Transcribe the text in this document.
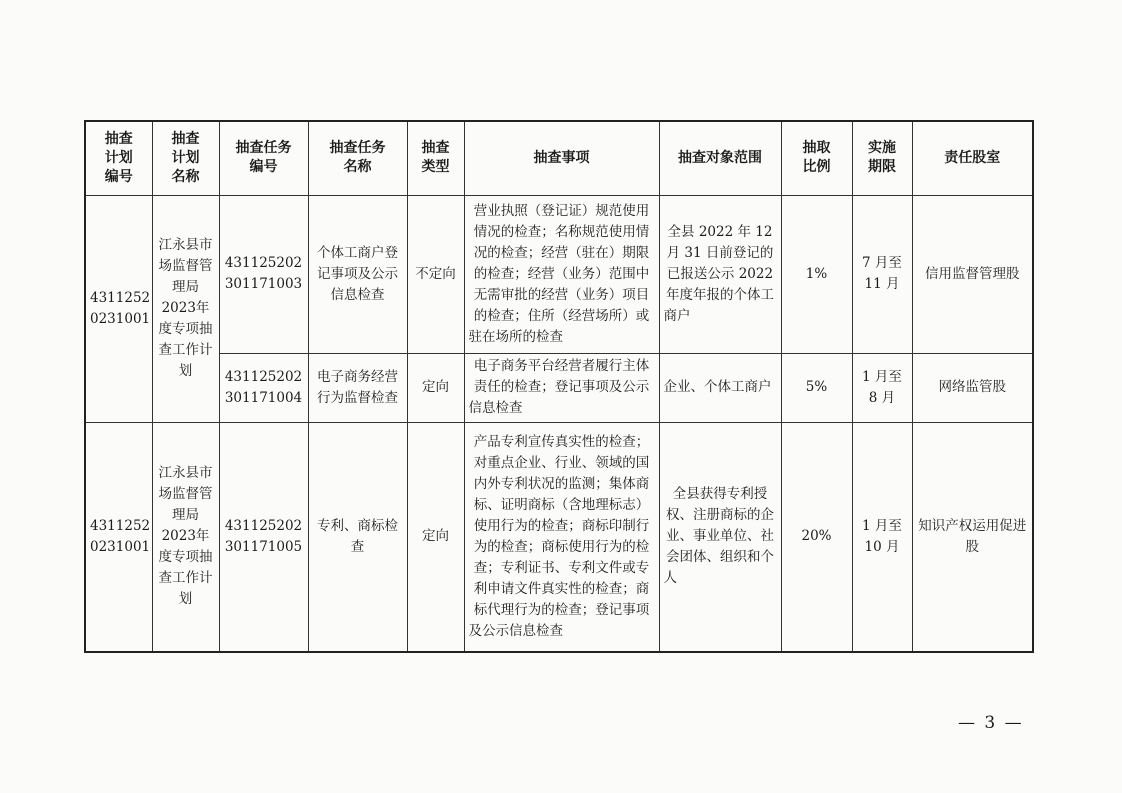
抽查
计划
编号	抽查
计划
名称	抽查任务
编号	抽查任务
名称	抽查
类型	抽查事项	抽查对象范围	抽取
比例	实施
期限	责任股室

4311252
0231001	江永县市场监督管理局2023年度专项抽查工作计划	431125202
301171003	个体工商户登记事项及公示信息检查	不定向	营业执照（登记证）规范使用情况的检查；名称规范使用情况的检查；经营（驻在）期限的检查；经营（业务）范围中无需审批的经营（业务）项目的检查；住所（经营场所）或驻在场所的检查	全县 2022 年 12 月 31 日前登记的已报送公示 2022 年度年报的个体工商户	1%	7 月至
11 月	信用监督管理股
		431125202
301171004	电子商务经营行为监督检查	定向	电子商务平台经营者履行主体责任的检查；登记事项及公示信息检查	企业、个体工商户	5%	1 月至
8 月	网络监管股
4311252
0231001	江永县市场监督管理局2023年度专项抽查工作计划	431125202
301171005	专利、商标检查	定向	产品专利宣传真实性的检查；对重点企业、行业、领域的国内外专利状况的监测；集体商标、证明商标（含地理标志）使用行为的检查；商标印制行为的检查；商标使用行为的检查；专利证书、专利文件或专利申请文件真实性的检查；商标代理行为的检查；登记事项及公示信息检查	全县获得专利授权、注册商标的企业、事业单位、社会团体、组织和个人	20%	1 月至
10 月	知识产权运用促进股
— 3 —
